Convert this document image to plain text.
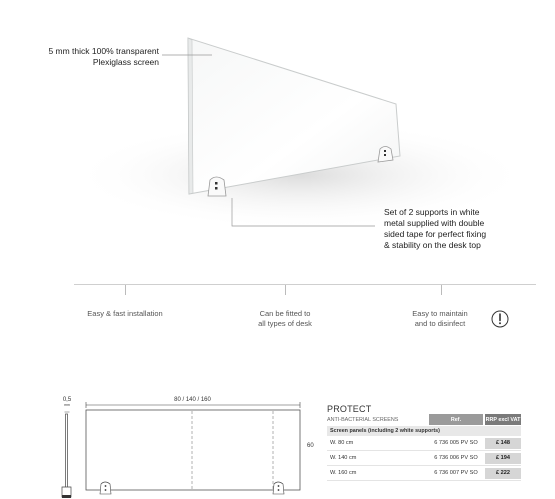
5 mm thick 100% transparent
Plexiglass screen
Set of 2 supports in white
metal supplied with double
sided tape for perfect fixing
& stability on the desk top
Easy & fast installation	Can be fitted to
all types of desk
Easy to maintain
and to disinfect
0,5
mm
80 / 140 / 160
60
PROTECT
ANTI-BACTERIAL SCREENS	Ref.	RRP excl VAT
Screen panels (including 2 white supports)
W. 80 cm	6 736 005 PV SO	£ 148
W. 140 cm	6 736 006 PV SO	£ 194
W. 160 cm	6 736 007 PV SO	£ 222
